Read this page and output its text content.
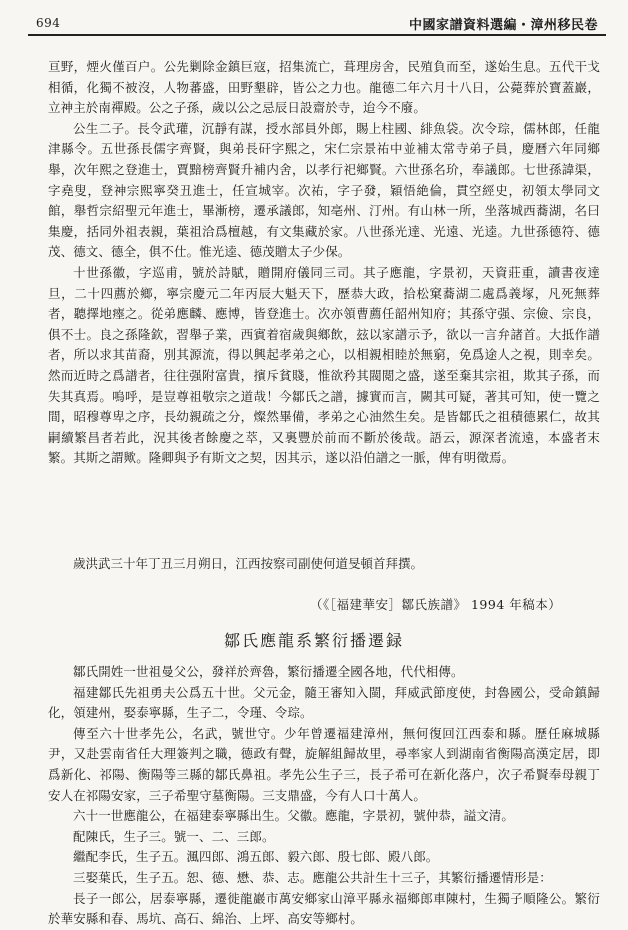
694	中國家譜資料選編・漳州移民卷

亘野，煙火僅百户。公先剿除金鎮巨寇，招集流亡，葺理房舍，民殖負而至，遂始生息。五代干戈相循，化獨不被沒，人物蕃盛，田野墾辟，皆公之力也。龍德二年六月十八日，公薨葬於寶蓋巖，立神主於南禪殿。公之子孫，歲以公之忌辰日設齋於寺，迨今不廢。

公生二子。長令武瓘，沉靜有謀，授水部員外郎，賜上柱國、緋魚袋。次令琮，儒林郎，任龍津縣令。五世孫長儒字齊賢，與弟長矸字熙之，宋仁宗景祐中並補太常寺弟子員，慶曆六年同鄉舉，次年熙之登進士，賈黯榜齊賢升補内舍，以孝行祀鄉賢。六世孫名玠，奉議郎。七世孫諱渠，字堯叟，登神宗熙寧癸丑進士，任宣城宰。次祐，字子發，穎悟絶倫，貫空經史，初領太學同文館，舉哲宗紹聖元年進士，畢漸榜，遷承議郎，知亳州、汀州。有山林一所，坐落城西蕎湖，名曰集慶，括同外祖表親，葉祖洽爲檀越，有文集藏於家。八世孫光達、光遠、光逵。九世孫德符、德茂、德文、德全，俱不仕。惟光逵、德茂贈太子少保。

十世孫徽，字巡甫，號於詩賦，贈開府儀同三司。其子應龍，字景初，天資莊重，讀書夜達旦，二十四薦於鄉，寧宗慶元二年丙辰大魁天下，歷恭大政，拾松窠蕎湖二處爲義塚，凡死無葬者，聽擇地瘞之。從弟應麟、應博，皆登進士。次亦領曹薦任韶州知府；其孫守强、宗儉、宗良，俱不士。良之孫隆欽，習舉子業，西賓着宿歲與鄉飲，玆以家譜示予，欲以一言弁諸首。大抵作譜者，所以求其苗裔，別其源流，得以興起孝弟之心，以相親相睦於無窮，免爲途人之視，則幸矣。然而近時之爲譜者，往往强附富貴，擯斥貧賤，惟欲矜其閥閲之盛，遂至棄其宗祖，欺其子孫，而失其真焉。嗚呼，是豈尊祖敬宗之道哉！今鄒氏之譜，據實而言，闕其可疑，著其可知，使一覽之間，昭穆尊卑之序，長幼親疏之分，燦然畢備，孝弟之心油然生矣。是皆鄒氏之祖積德累仁，故其嗣續繁昌者若此，況其後者餘慶之萃，又裏豐於前而不斷於後哉。語云，源深者流遠，本盛者末繁。其斯之謂歟。隆卿與予有斯文之契，因其示，遂以沿伯譜之一脈，俾有明徵焉。

歲洪武三十年丁丑三月朔日，江西按察司副使何道旻頓首拜撰。
（《［福建華安］鄒氏族譜》 1994 年稿本）
鄒氏應龍系繁衍播遷録

鄒氏開姓一世祖曼父公，發祥於齊魯，繁衍播遷全國各地，代代相傳。

福建鄒氏先祖勇夫公爲五十世。父元金，隨王審知入閩，拜威武節度使，封魯國公，受命鎮歸化，領建州，娶泰寧縣，生子二，令瑾、令琮。

傳至六十世孝先公，名武，號世守。少年曾遷福建漳州，無何復回江西泰和縣。歷任麻城縣尹，又赴雲南省任大理簽判之職，德政有聲，旋解組歸故里，尋率家人到湖南省衡陽高漢定居，即爲新化、祁陽、衡陽等三縣的鄒氏鼻祖。孝先公生子三，長子希可在新化落户，次子希賢奉母親丁安人在祁陽安家，三子希聖守墓衡陽。三支鼎盛，今有人口十萬人。

六十一世應龍公，在福建泰寧縣出生。父徽。應龍，字景初，號仲恭，謚文清。

配陳氏，生子三。號一、二、三郎。

繼配李氏，生子五。渢四郎、鴻五郎、毅六郎、殷七郎、殿八郎。

三娶葉氏，生子五。恕、德、懋、恭、志。應龍公共計生十三子，其繁衍播遷情形是：

長子一郎公，居泰寧縣，遷徙龍巖市萬安鄉家山漳平縣永福鄉郎車陳村，生獨子順隆公。繁衍於華安縣和春、馬坑、高石、綿治、上坪、高安等鄉村。
